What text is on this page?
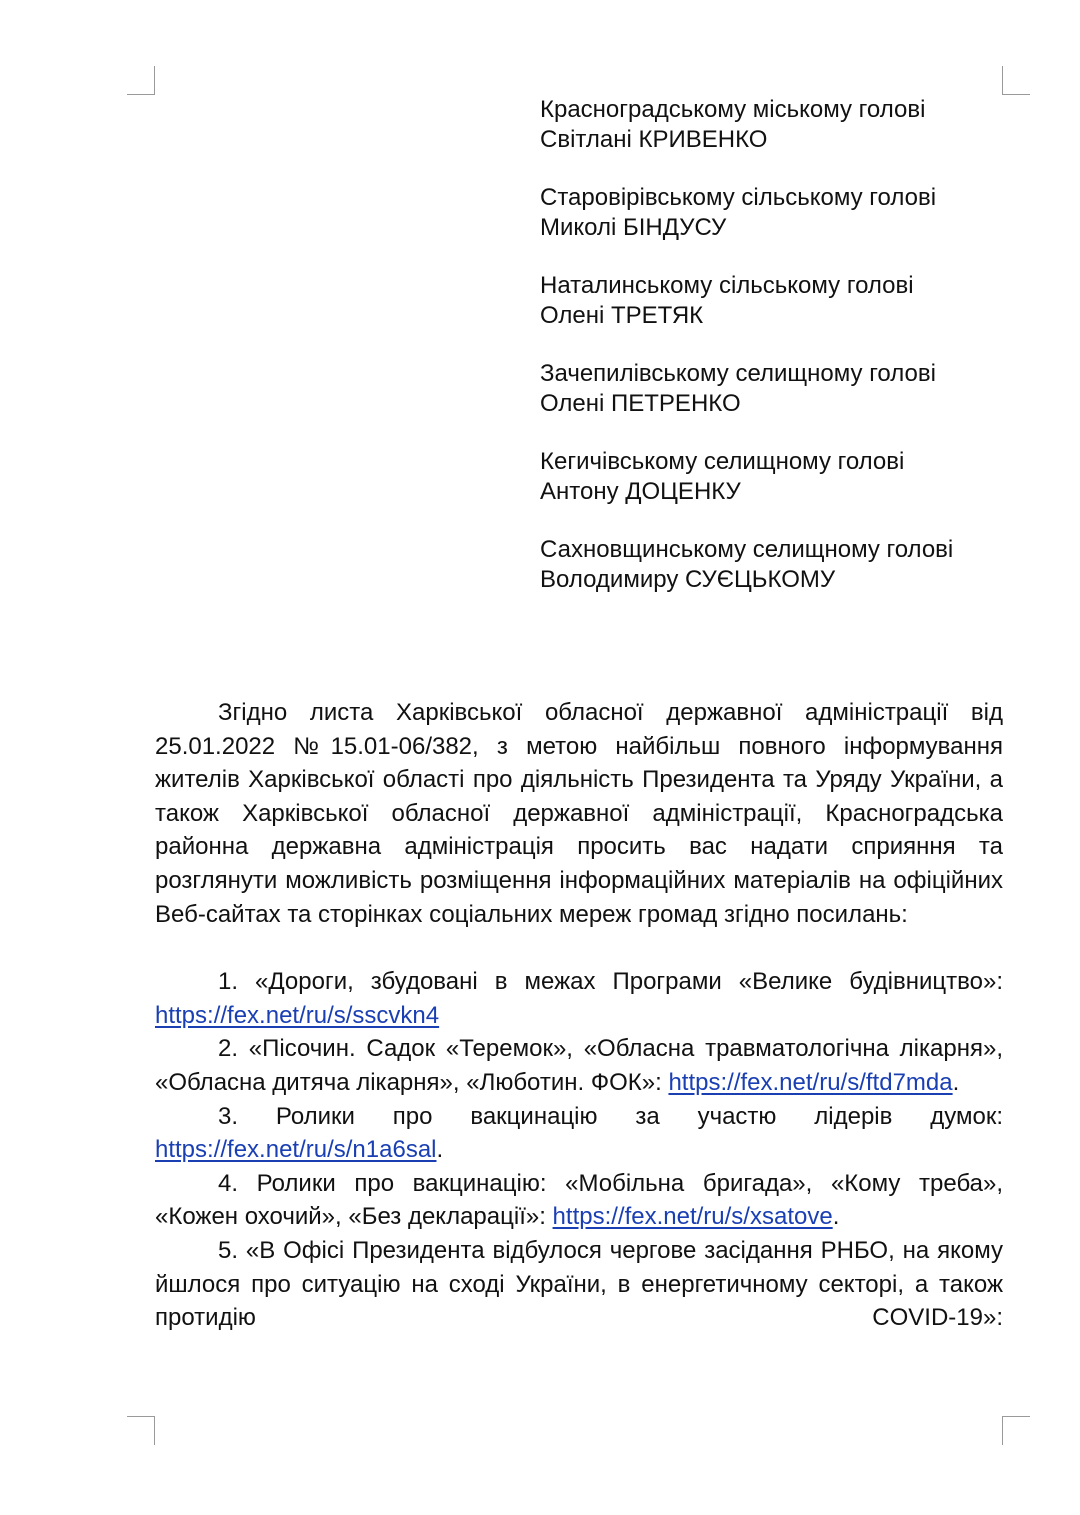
Красноградському міському голові
Світлані КРИВЕНКО
Старовірівському сільському голові
Миколі БІНДУСУ
Наталинському сільському голові
Олені ТРЕТЯК
Зачепилівському селищному голові
Олені ПЕТРЕНКО
Кегичівському селищному голові
Антону ДОЦЕНКУ
Сахновщинському селищному голові
Володимиру СУЄЦЬКОМУ

Згідно листа Харківської обласної державної адміністрації від 25.01.2022 №15.01-06/382, з метою найбільш повного інформування жителів Харківської області про діяльність Президента та Уряду України, а також Харківської обласної державної адміністрації, Красноградська районна державна адміністрація просить вас надати сприяння та розглянути можливість розміщення інформаційних матеріалів на офіційних Веб-сайтах та сторінках соціальних мереж громад згідно посилань:

1. «Дороги, збудовані в межах Програми «Велике будівництво»: https://fex.net/ru/s/sscvkn4

2. «Пісочин. Садок «Теремок», «Обласна травматологічна лікарня», «Обласна дитяча лікарня», «Люботин. ФОК»: https://fex.net/ru/s/ftd7mda.

3. Ролики про вакцинацію за участю лідерів думок: https://fex.net/ru/s/n1a6sal.

4. Ролики про вакцинацію: «Мобільна бригада», «Кому треба», «Кожен охочий», «Без декларації»: https://fex.net/ru/s/xsatove.

5. «В Офісі Президента відбулося чергове засідання РНБО, на якому йшлося про ситуацію на сході України, в енергетичному секторі, а також протидію COVID-19»:
